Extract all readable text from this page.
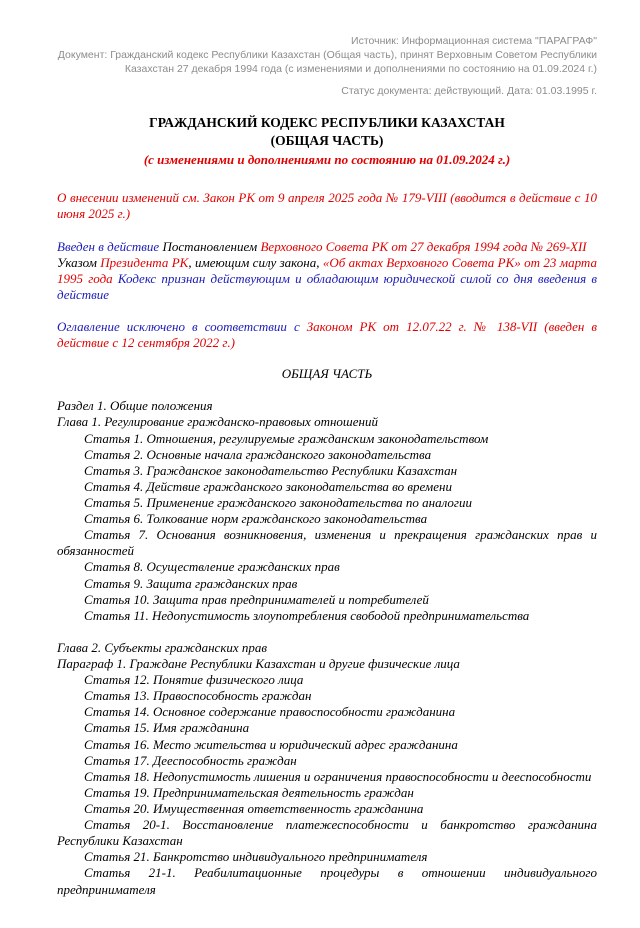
Источник: Информационная система "ПАРАГРАФ"
Документ: Гражданский кодекс Республики Казахстан (Общая часть), принят Верховным Советом Республики Казахстан 27 декабря 1994 года (с изменениями и дополнениями по состоянию на 01.09.2024 г.)
Статус документа: действующий. Дата: 01.03.1995 г.
ГРАЖДАНСКИЙ КОДЕКС РЕСПУБЛИКИ КАЗАХСТАН
(ОБЩАЯ ЧАСТЬ)

(с изменениями и дополнениями по состоянию на 01.09.2024 г.)

О внесении изменений см. Закон РК от 9 апреля 2025 года № 179-VIII (вводится в действие с 10 июня 2025 г.)

Введен в действие Постановлением Верховного Совета РК от 27 декабря 1994 года № 269-XII

Указом Президента РК, имеющим силу закона, «Об актах Верховного Совета РК» от 23 марта 1995 года Кодекс признан действующим и обладающим юридической силой со дня введения в действие

Оглавление исключено в соответствии с Законом РК от 12.07.22 г. № 138-VII (введен в действие с 12 сентября 2022 г.)

ОБЩАЯ ЧАСТЬ

Раздел 1. Общие положения

Глава 1. Регулирование гражданско-правовых отношений

Статья 1. Отношения, регулируемые гражданским законодательством

Статья 2. Основные начала гражданского законодательства

Статья 3. Гражданское законодательство Республики Казахстан

Статья 4. Действие гражданского законодательства во времени

Статья 5. Применение гражданского законодательства по аналогии

Статья 6. Толкование норм гражданского законодательства

Статья 7. Основания возникновения, изменения и прекращения гражданских прав и обязанностей

Статья 8. Осуществление гражданских прав

Статья 9. Защита гражданских прав

Статья 10. Защита прав предпринимателей и потребителей

Статья 11. Недопустимость злоупотребления свободой предпринимательства

Глава 2. Субъекты гражданских прав

Параграф 1. Граждане Республики Казахстан и другие физические лица

Статья 12. Понятие физического лица

Статья 13. Правоспособность граждан

Статья 14. Основное содержание правоспособности гражданина

Статья 15. Имя гражданина

Статья 16. Место жительства и юридический адрес гражданина

Статья 17. Дееспособность граждан

Статья 18. Недопустимость лишения и ограничения правоспособности и дееспособности

Статья 19. Предпринимательская деятельность граждан

Статья 20. Имущественная ответственность гражданина

Статья 20-1. Восстановление платежеспособности и банкротство гражданина Республики Казахстан

Статья 21. Банкротство индивидуального предпринимателя

Статья 21-1. Реабилитационные процедуры в отношении индивидуального предпринимателя
